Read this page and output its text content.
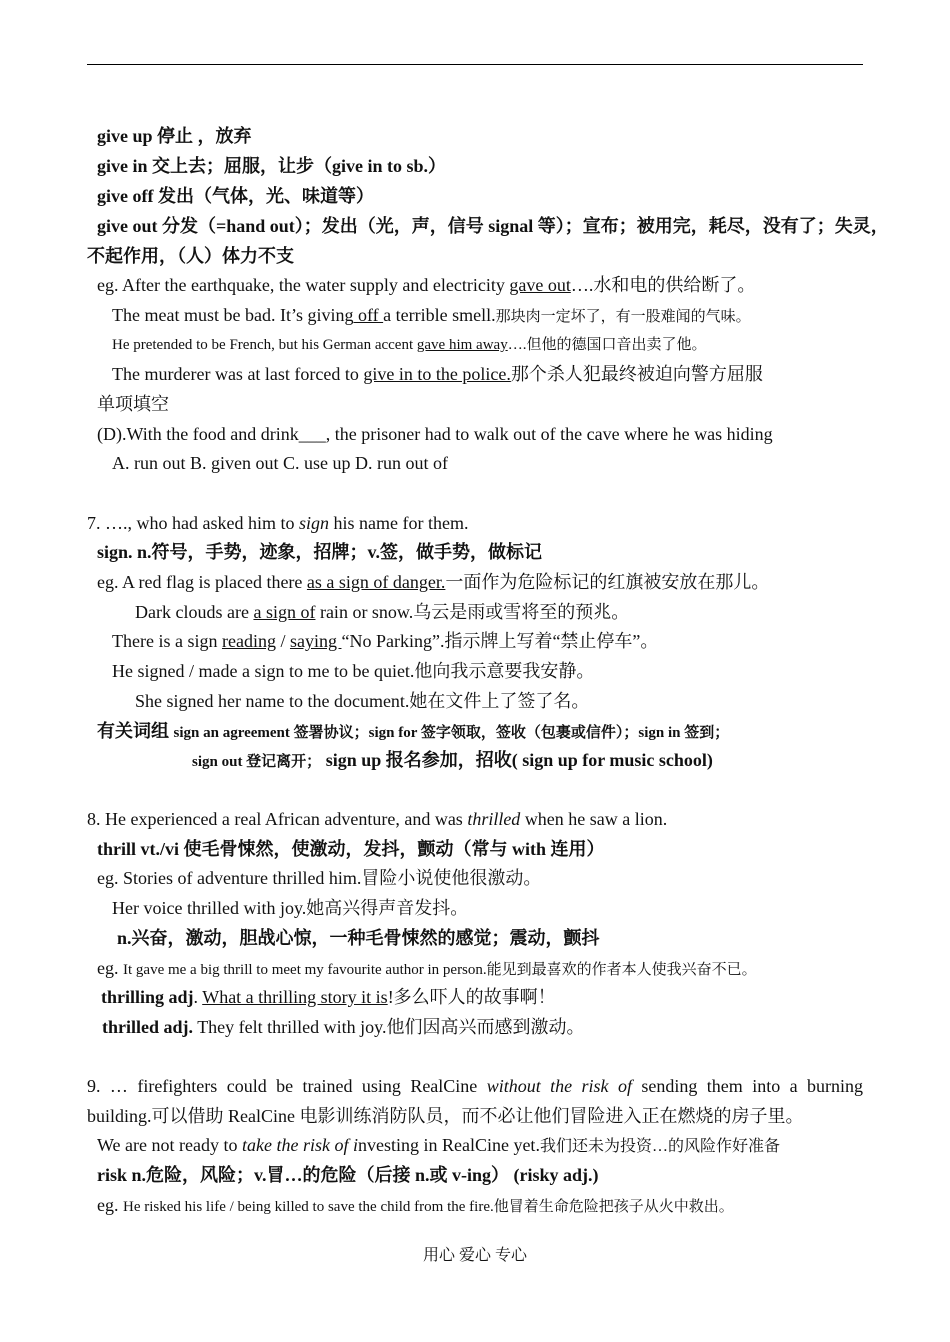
give up 停止 ，放弃
give in 交上去；屈服，让步（give in to sb.）
give off 发出（气体，光、味道等）
give out 分发（=hand out）；发出（光，声，信号 signal 等）；宣布；被用完，耗尽，没有了；失灵，
不起作用，（人）体力不支
eg. After the earthquake, the water supply and electricity gave out….水和电的供给断了。
The meat must be bad. It’s giving off a terrible smell.那块肉一定坏了，有一股难闻的气味。
He pretended to be French, but his German accent gave him away….但他的德国口音出卖了他。
The murderer was at last forced to give in to the police.那个杀人犯最终被迫向警方屈服
单项填空
(D).With the food and drink___, the prisoner had to walk out of the cave where he was hiding
A. run out B. given out C. use up D. run out of
7. …., who had asked him to sign his name for them.
sign. n.符号，手势，迹象，招牌；v.签，做手势，做标记
eg. A red flag is placed there as a sign of danger.一面作为危险标记的红旗被安放在那儿。
Dark clouds are a sign of rain or snow.乌云是雨或雪将至的预兆。
There is a sign reading / saying “No Parking”.指示牌上写着“禁止停车”。
He signed / made a sign to me to be quiet.他向我示意要我安静。
She signed her name to the document.她在文件上了签了名。
有关词组 sign an agreement 签署协议；sign for 签字领取，签收（包裹或信件）；sign in 签到；
sign out 登记离开； sign up 报名参加，招收( sign up for music school)
8. He experienced a real African adventure, and was thrilled when he saw a lion.
thrill vt./vi 使毛骨悚然，使激动，发抖，颤动（常与 with 连用）
eg. Stories of adventure thrilled him.冒险小说使他很激动。
Her voice thrilled with joy.她高兴得声音发抖。
n.兴奋，激动，胆战心惊，一种毛骨悚然的感觉；震动，颤抖
eg. It gave me a big thrill to meet my favourite author in person.能见到最喜欢的作者本人使我兴奋不已。
thrilling adj. What a thrilling story it is!多么吓人的故事啊！
thrilled adj. They felt thrilled with joy.他们因高兴而感到激动。
9. … firefighters could be trained using RealCine without the risk of sending them into a burning
building.可以借助 RealCine 电影训练消防队员，而不必让他们冒险进入正在燃烧的房子里。
We are not ready to take the risk of investing in RealCine yet.我们还未为投资…的风险作好准备
risk n.危险，风险；v.冒…的危险（后接 n.或 v-ing） (risky adj.)
eg. He risked his life / being killed to save the child from the fire.他冒着生命危险把孩子从火中救出。
用心 爱心 专心
